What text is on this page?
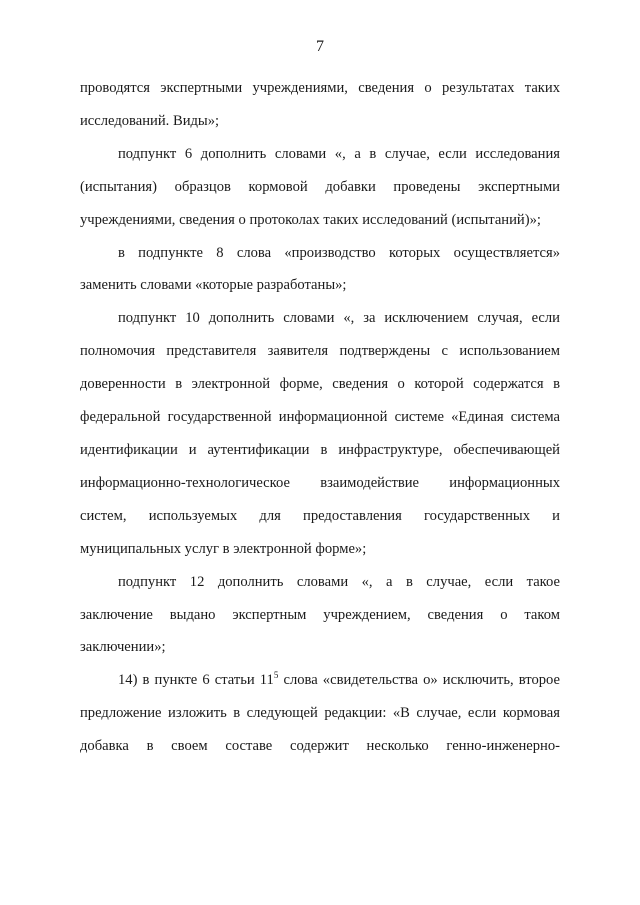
7
проводятся экспертными учреждениями, сведения о результатах таких
исследований. Виды»;
подпункт 6 дополнить словами «, а в случае, если исследования
(испытания) образцов кормовой добавки проведены экспертными
учреждениями, сведения о протоколах таких исследований (испытаний)»;
в подпункте 8 слова «производство которых осуществляется»
заменить словами «которые разработаны»;
подпункт 10 дополнить словами «, за исключением случая, если
полномочия представителя заявителя подтверждены с использованием
доверенности в электронной форме, сведения о которой содержатся в
федеральной государственной информационной системе «Единая система
идентификации и аутентификации в инфраструктуре, обеспечивающей
информационно-технологическое взаимодействие информационных
систем, используемых для предоставления государственных и
муниципальных услуг в электронной форме»;
подпункт 12 дополнить словами «, а в случае, если такое
заключение выдано экспертным учреждением, сведения о таком
заключении»;
14) в пункте 6 статьи $11^5$ слова «свидетельства о» исключить, второе
предложение изложить в следующей редакции: «В случае, если кормовая
добавка в своем составе содержит несколько генно-инженерно-
